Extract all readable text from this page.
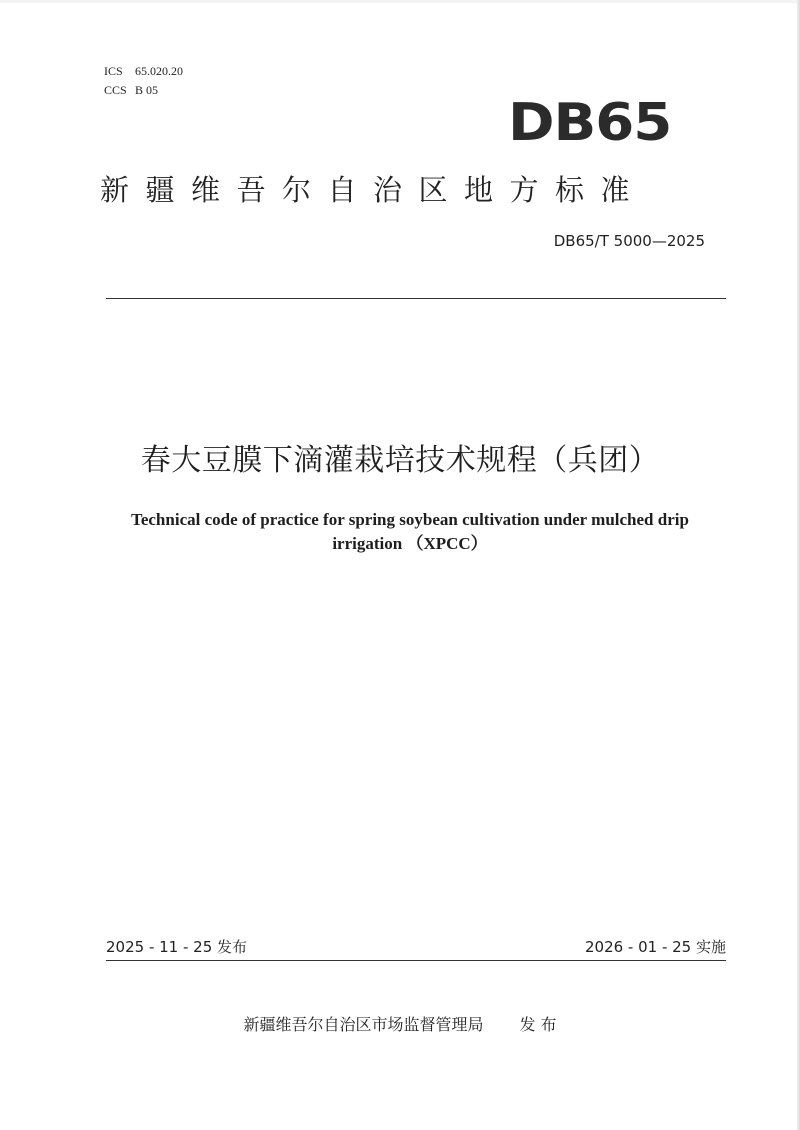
ICS 65.020.20
CCS B 05
DB65
新疆维吾尔自治区地方标准
DB65/T 5000—2025
春大豆膜下滴灌栽培技术规程（兵团）
Technical code of practice for spring soybean cultivation under mulched drip
irrigation （XPCC）
2025 - 11 - 25 发布	2026 - 01 - 25 实施
新疆维吾尔自治区市场监督管理局 发 布
